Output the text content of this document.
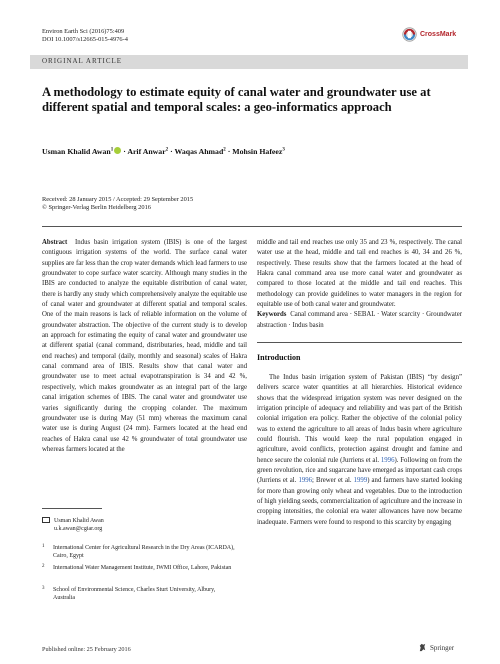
Environ Earth Sci (2016)75:409
DOI 10.1007/s12665-015-4976-4
CrossMark
ORIGINAL ARTICLE
A methodology to estimate equity of canal water and groundwater use at different spatial and temporal scales: a geo-informatics approach
Usman Khalid Awan$^1$ · Arif Anwar$^2$ · Waqas Ahmad$^2$ · Mohsin Hafeez$^3$
Received: 28 January 2015 / Accepted: 29 September 2015
© Springer-Verlag Berlin Heidelberg 2016

Abstract Indus basin irrigation system (IBIS) is one of the largest contiguous irrigation systems of the world. The surface canal water supplies are far less than the crop water demands which lead farmers to use groundwater to cope surface water scarcity. Although many studies in the IBIS are conducted to analyze the equitable distribution of canal water, there is hardly any study which comprehensively analyze the equitable use of canal water and groundwater at different spatial and temporal scales. One of the main reasons is lack of reliable information on the volume of groundwater abstraction. The objective of the current study is to develop an approach for estimating the equity of canal water and groundwater use at different spatial (canal command, distributaries, head, middle and tail end reaches) and temporal (daily, monthly and seasonal) scales of Hakra canal command area of IBIS. Results show that canal water and groundwater use to meet actual evapotranspiration is 34 and 42 %, respectively, which makes groundwater as an integral part of the large canal irrigation schemes of IBIS. The canal water and groundwater use varies significantly during the cropping colander. The maximum groundwater use is during May (51 mm) whereas the maximum canal water use is during August (24 mm). Farmers located at the head end reaches of Hakra canal use 42 % groundwater of total groundwater use whereas farmers located at the

middle and tail end reaches use only 35 and 23 %, respectively. The canal water use at the head, middle and tail end reaches is 40, 34 and 26 %, respectively. These results show that the farmers located at the head of Hakra canal command area use more canal water and groundwater as compared to those located at the middle and tail end reaches. This methodology can provide guidelines to water managers in the region for equitable use of both canal water and groundwater.

Keywords Canal command area · SEBAL · Water scarcity · Groundwater abstraction · Indus basin

Introduction

The Indus basin irrigation system of Pakistan (IBIS) “by design” delivers scarce water quantities at all hierarchies. Historical evidence shows that the widespread irrigation system was never designed on the irrigation principle of adequacy and reliability and was part of the British colonial irrigation era policy. Rather the objective of the colonial policy was to extend the agriculture to all areas of Indus basin where agriculture could flourish. This would keep the rural population engaged in agriculture, avoid conflicts, protection against drought and famine and hence secure the colonial rule (Jurriens et al. 1996). Following on from the green revolution, rice and sugarcane have emerged as important cash crops (Jurriens et al. 1996; Brewer et al. 1999) and farmers have started looking for more than growing only wheat and vegetables. Due to the introduction of high yielding seeds, commercialization of agriculture and the increase in cropping intensities, the colonial era water allowances have now became inadequate. Farmers were found to respond to this scarcity by engaging

Usman Khalid Awan
u.k.awan@cgiar.org
1 International Center for Agricultural Research in the Dry Areas (ICARDA), Cairo, Egypt
2 International Water Management Institute, IWMI Office, Lahore, Pakistan
3 School of Environmental Science, Charles Sturt University, Albury, Australia
Published online: 25 February 2016	Springer
